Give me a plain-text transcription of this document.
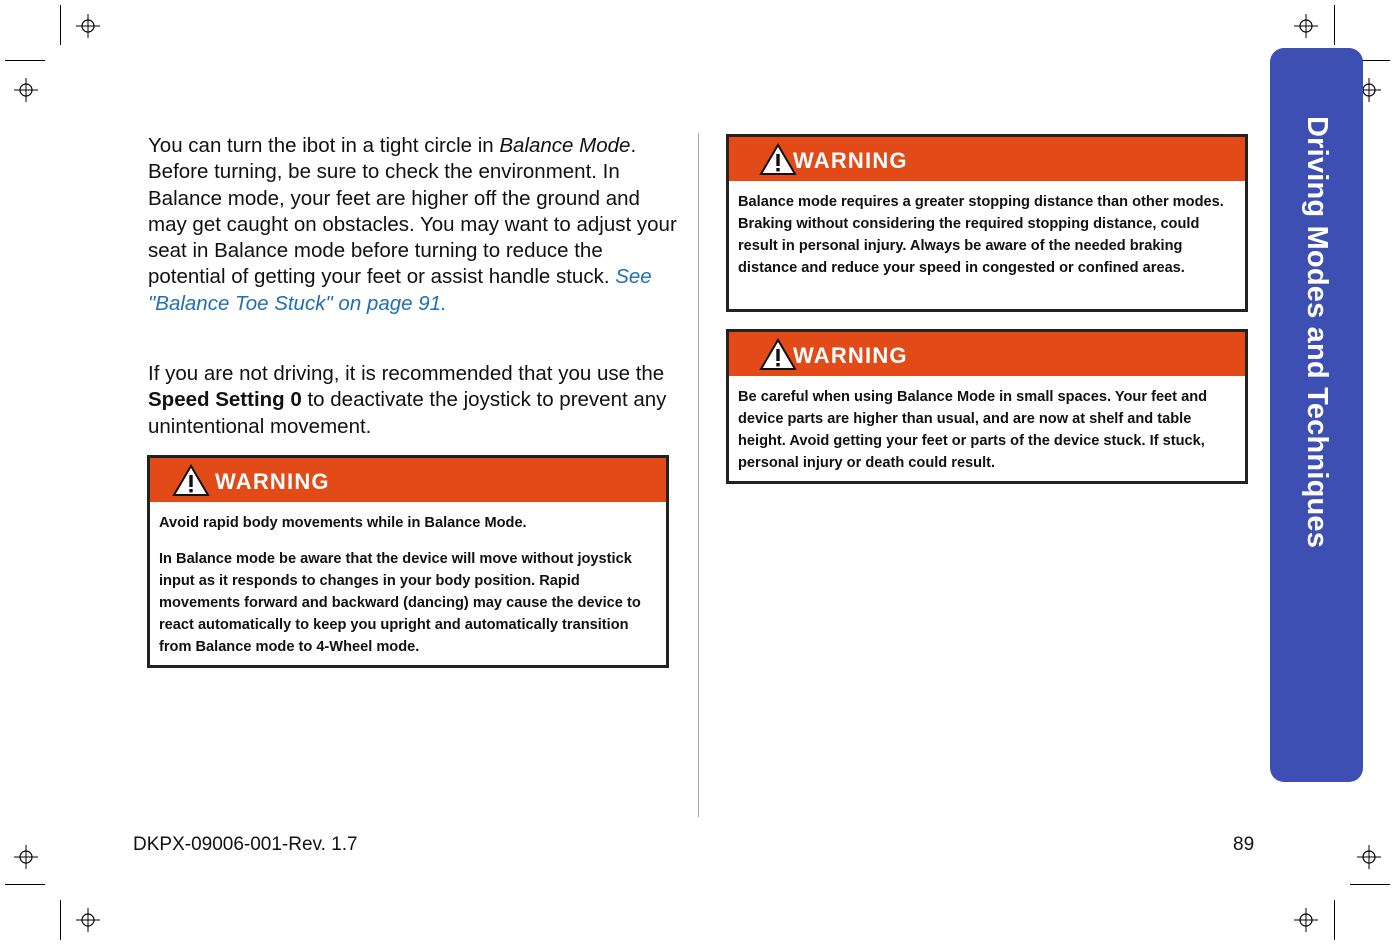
Driving Modes and Techniques

You can turn the ibot in a tight circle in Balance Mode. Before turning, be sure to check the environment. In Balance mode, your feet are higher off the ground and may get caught on obstacles. You may want to adjust your seat in Balance mode before turning to reduce the potential of getting your feet or assist handle stuck. See "Balance Toe Stuck" on page 91.

If you are not driving, it is recommended that you use the Speed Setting 0 to deactivate the joystick to prevent any unintentional movement.

WARNING

Avoid rapid body movements while in Balance Mode.

In Balance mode be aware that the device will move without joystick input as it responds to changes in your body position. Rapid movements forward and backward (dancing) may cause the device to react automatically to keep you upright and automatically transition from Balance mode to 4-Wheel mode.

WARNING

Balance mode requires a greater stopping distance than other modes. Braking without considering the required stopping distance, could result in personal injury. Always be aware of the needed braking distance and reduce your speed in congested or confined areas.

WARNING

Be careful when using Balance Mode in small spaces. Your feet and device parts are higher than usual, and are now at shelf and table height. Avoid getting your feet or parts of the device stuck. If stuck, personal injury or death could result.

DKPX-09006-001-Rev. 1.7	89
